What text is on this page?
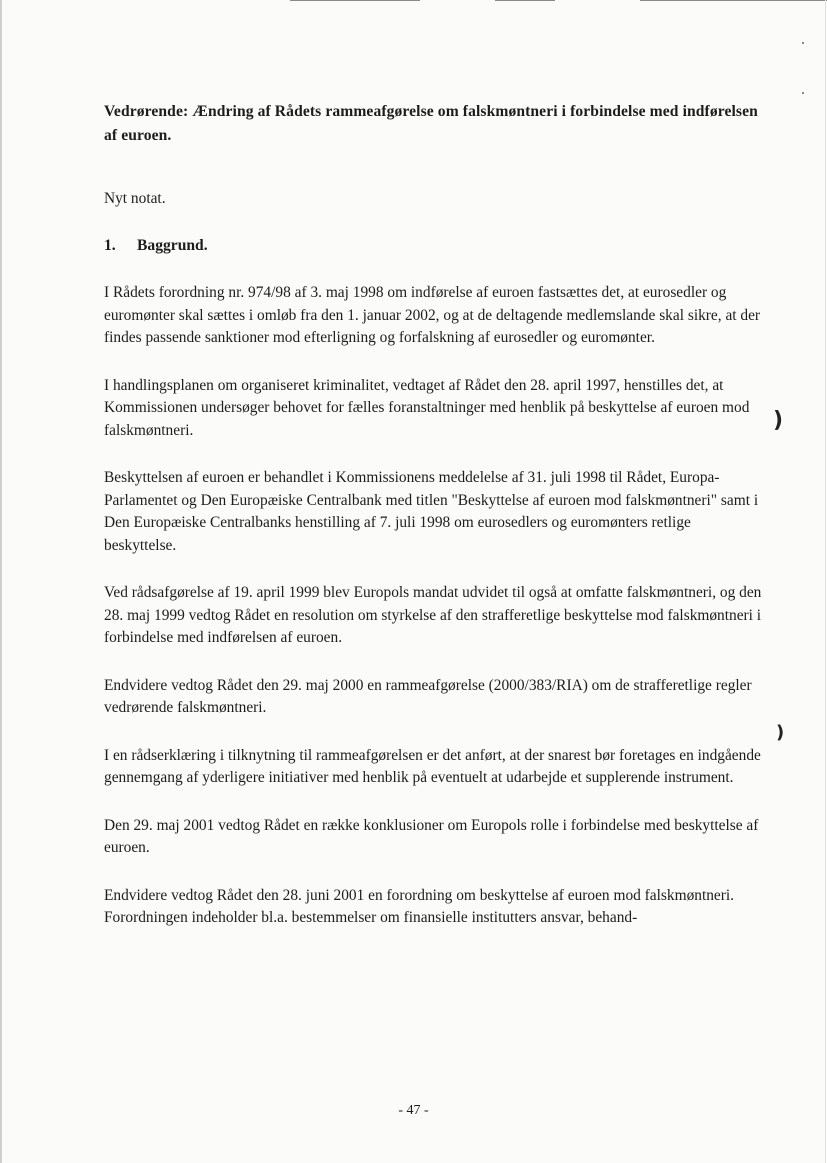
Vedrørende: Ændring af Rådets rammeafgørelse om falskmøntneri i forbindelse med indførelsen af euroen.

Nyt notat.

1. Baggrund.

I Rådets forordning nr. 974/98 af 3. maj 1998 om indførelse af euroen fastsættes det, at eurosedler og euromønter skal sættes i omløb fra den 1. januar 2002, og at de deltagende medlemslande skal sikre, at der findes passende sanktioner mod efterligning og forfalskning af eurosedler og euromønter.

I handlingsplanen om organiseret kriminalitet, vedtaget af Rådet den 28. april 1997, henstilles det, at Kommissionen undersøger behovet for fælles foranstaltninger med henblik på beskyttelse af euroen mod falskmøntneri.

Beskyttelsen af euroen er behandlet i Kommissionens meddelelse af 31. juli 1998 til Rådet, Europa-Parlamentet og Den Europæiske Centralbank med titlen "Beskyttelse af euroen mod falskmøntneri" samt i Den Europæiske Centralbanks henstilling af 7. juli 1998 om eurosedlers og euromønters retlige beskyttelse.

Ved rådsafgørelse af 19. april 1999 blev Europols mandat udvidet til også at omfatte falskmøntneri, og den 28. maj 1999 vedtog Rådet en resolution om styrkelse af den strafferetlige beskyttelse mod falskmøntneri i forbindelse med indførelsen af euroen.

Endvidere vedtog Rådet den 29. maj 2000 en rammeafgørelse (2000/383/RIA) om de strafferetlige regler vedrørende falskmøntneri.

I en rådserklæring i tilknytning til rammeafgørelsen er det anført, at der snarest bør foretages en indgående gennemgang af yderligere initiativer med henblik på eventuelt at udarbejde et supplerende instrument.

Den 29. maj 2001 vedtog Rådet en række konklusioner om Europols rolle i forbindelse med beskyttelse af euroen.

Endvidere vedtog Rådet den 28. juni 2001 en forordning om beskyttelse af euroen mod falskmøntneri. Forordningen indeholder bl.a. bestemmelser om finansielle institutters ansvar, behand-

)
)
- 47 -
